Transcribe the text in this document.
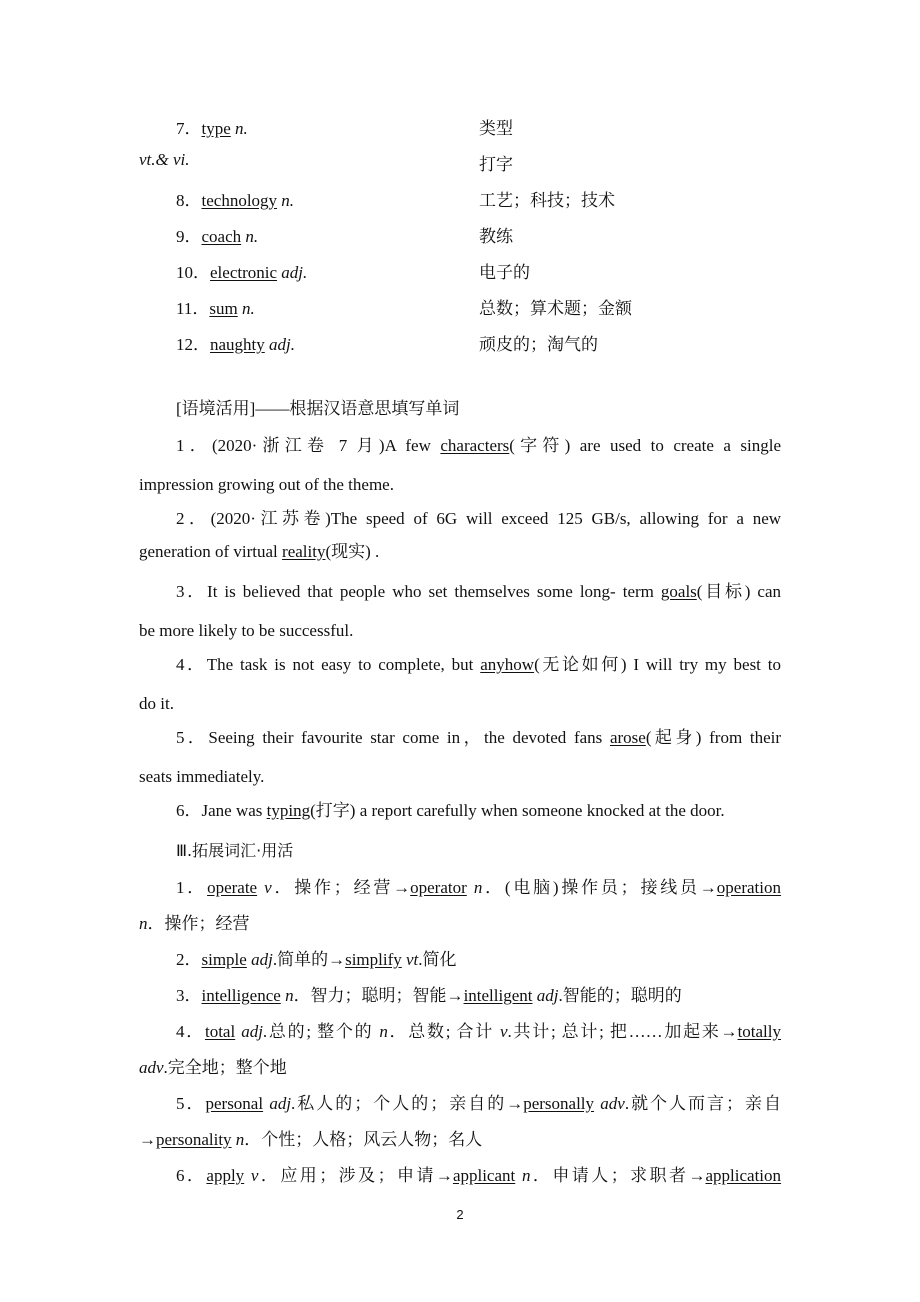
7．type n.	类型
vt.& vi.	打字
8．technology n.	工艺；科技；技术
9．coach n.	教练
10．electronic adj.	电子的
11．sum n.	总数；算术题；金额
12．naughty adj.	顽皮的；淘气的
[语境活用]——根据汉语意思填写单词
1．(2020·浙江卷 7 月)A few characters(字符) are used to create a single
impression growing out of the theme.
2．(2020·江苏卷)The speed of 6G will exceed 125 GB/s, allowing for a new
generation of virtual reality(现实) .
3．It is believed that people who set themselves some long- term goals(目标) can
be more likely to be successful.
4．The task is not easy to complete, but anyhow(无论如何) I will try my best to
do it.
5．Seeing their favourite star come in，the devoted fans arose(起身) from their
seats immediately.
6．Jane was typing(打字) a report carefully when someone knocked at the door.
Ⅲ.拓展词汇·用活
1．operate v．操作；经营→operator n．(电脑)操作员；接线员→operation
n．操作；经营
2．simple adj.简单的→simplify vt.简化
3．intelligence n．智力；聪明；智能→intelligent adj.智能的；聪明的
4．total adj.总的; 整个的 n．总数; 合计 v.共计; 总计; 把……加起来→totally
adv.完全地；整个地
5．personal adj.私人的；个人的；亲自的→personally adv.就个人而言；亲自
→personality n．个性；人格；风云人物；名人
6．apply v．应用；涉及；申请→applicant n．申请人；求职者→application
2
